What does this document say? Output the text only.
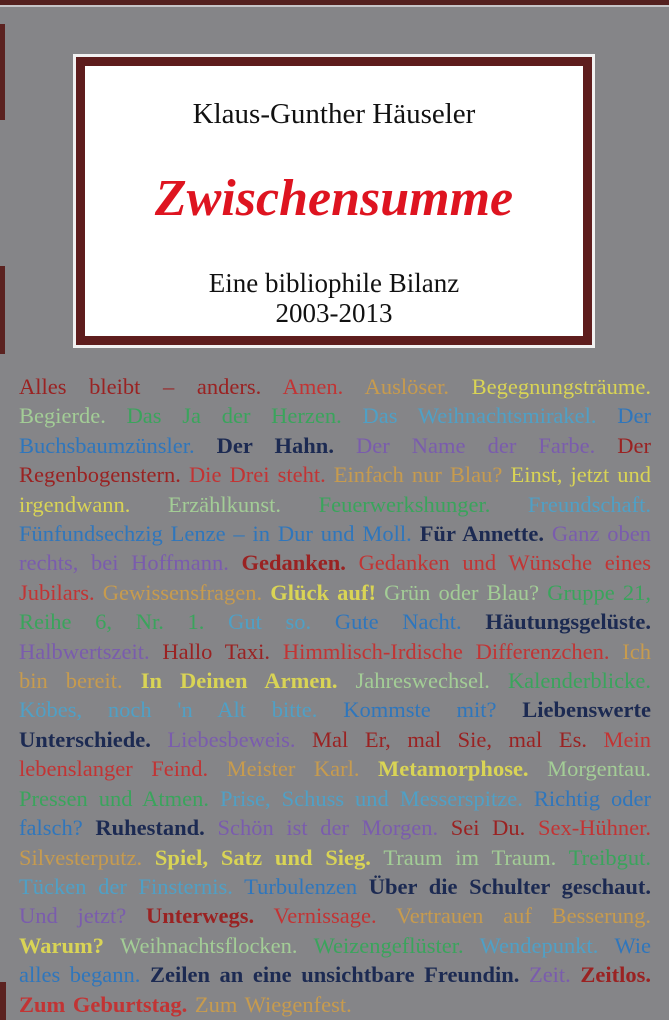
Klaus-Gunther Häuseler
Zwischensumme
Eine bibliophile Bilanz
2003-2013
Alles bleibt – anders. Amen. Auslöser. Begegnungsträume. Begierde. Das Ja der Herzen. Das Weihnachtsmirakel. Der Buchsbaumzünsler. Der Hahn. Der Name der Farbe. Der Regenbogenstern. Die Drei steht. Einfach nur Blau? Einst, jetzt und irgendwann. Erzählkunst. Feuerwerkshunger. Freundschaft. Fünfundsechzig Lenze – in Dur und Moll. Für Annette. Ganz oben rechts, bei Hoffmann. Gedanken. Gedanken und Wünsche eines Jubilars. Gewissensfragen. Glück auf! Grün oder Blau? Gruppe 21, Reihe 6, Nr. 1. Gut so. Gute Nacht. Häutungsgelüste. Halbwertszeit. Hallo Taxi. Himmlisch-Irdische Differenzchen. Ich bin bereit. In Deinen Armen. Jahreswechsel. Kalenderblicke. Köbes, noch 'n Alt bitte. Kommste mit? Liebenswerte Unterschiede. Liebesbeweis. Mal Er, mal Sie, mal Es. Mein lebenslanger Feind. Meister Karl. Metamorphose. Morgentau. Pressen und Atmen. Prise, Schuss und Messerspitze. Richtig oder falsch? Ruhestand. Schön ist der Morgen. Sei Du. Sex-Hühner. Silvesterputz. Spiel, Satz und Sieg. Traum im Traum. Treibgut. Tücken der Finsternis. Turbulenzen Über die Schulter geschaut. Und jetzt? Unterwegs. Vernissage. Vertrauen auf Besserung. Warum? Weihnachtsflocken. Weizengeflüster. Wendepunkt. Wie alles begann. Zeilen an eine unsichtbare Freundin. Zeit. Zeitlos. Zum Geburtstag. Zum Wiegenfest.
